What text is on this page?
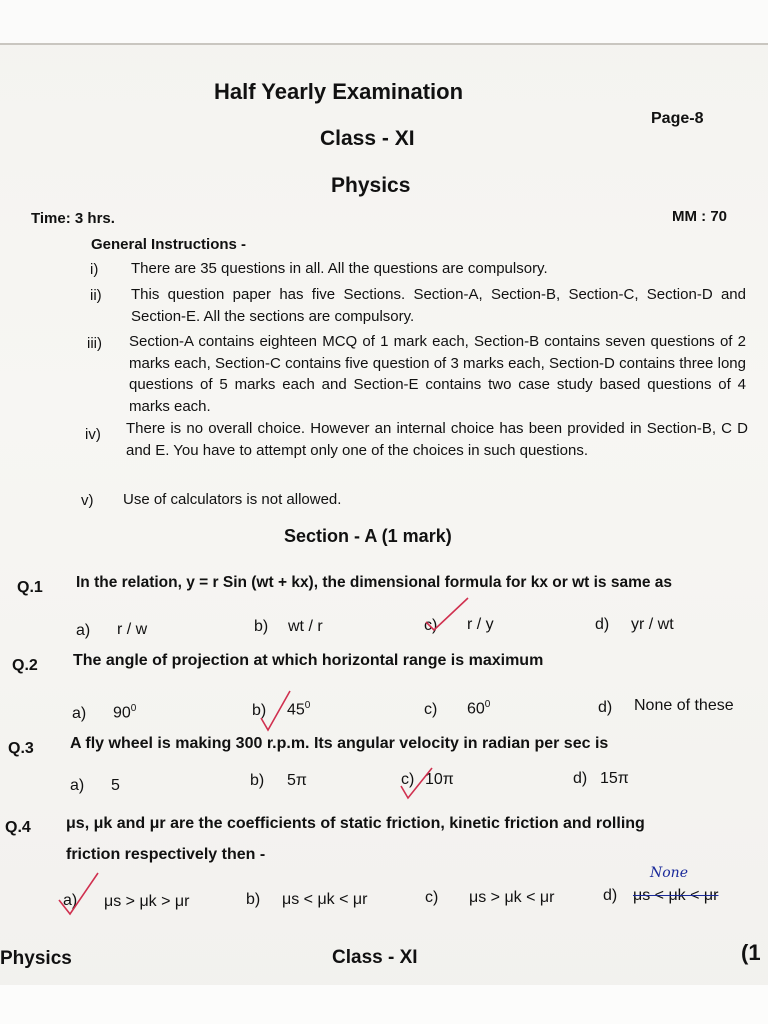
Half Yearly Examination
Page-8
Class - XI
Physics
Time: 3 hrs.	MM : 70
General Instructions -
i) There are 35 questions in all. All the questions are compulsory.
ii) This question paper has five Sections. Section-A, Section-B, Section-C, Section-D and Section-E. All the sections are compulsory.
iii) Section-A contains eighteen MCQ of 1 mark each, Section-B contains seven questions of 2 marks each, Section-C contains five question of 3 marks each, Section-D contains three long questions of 5 marks each and Section-E contains two case study based questions of 4 marks each.
iv) There is no overall choice. However an internal choice has been provided in Section-B, C D and E. You have to attempt only one of the choices in such questions.
v) Use of calculators is not allowed.
Section - A (1 mark)
Q.1 In the relation, y = r Sin (wt + kx), the dimensional formula for kx or wt is same as
a) r / w	b) wt / r	c) r / y	d) yr / wt
Q.2 The angle of projection at which horizontal range is maximum
a) $90^0$	b) $45^0$	c) $60^0$	d) None of these
Q.3 A fly wheel is making 300 r.p.m. Its angular velocity in radian per sec is
a) 5	b) 5π	c) 10π	d) 15π
Q.4 μs, μk and μr are the coefficients of static friction, kinetic friction and rolling
friction respectively then -
a) μs > μk > μr	b) μs < μk < μr	c) μs > μk < μr	d) μs < μk < μr
None
Physics	Class - XI	(1
